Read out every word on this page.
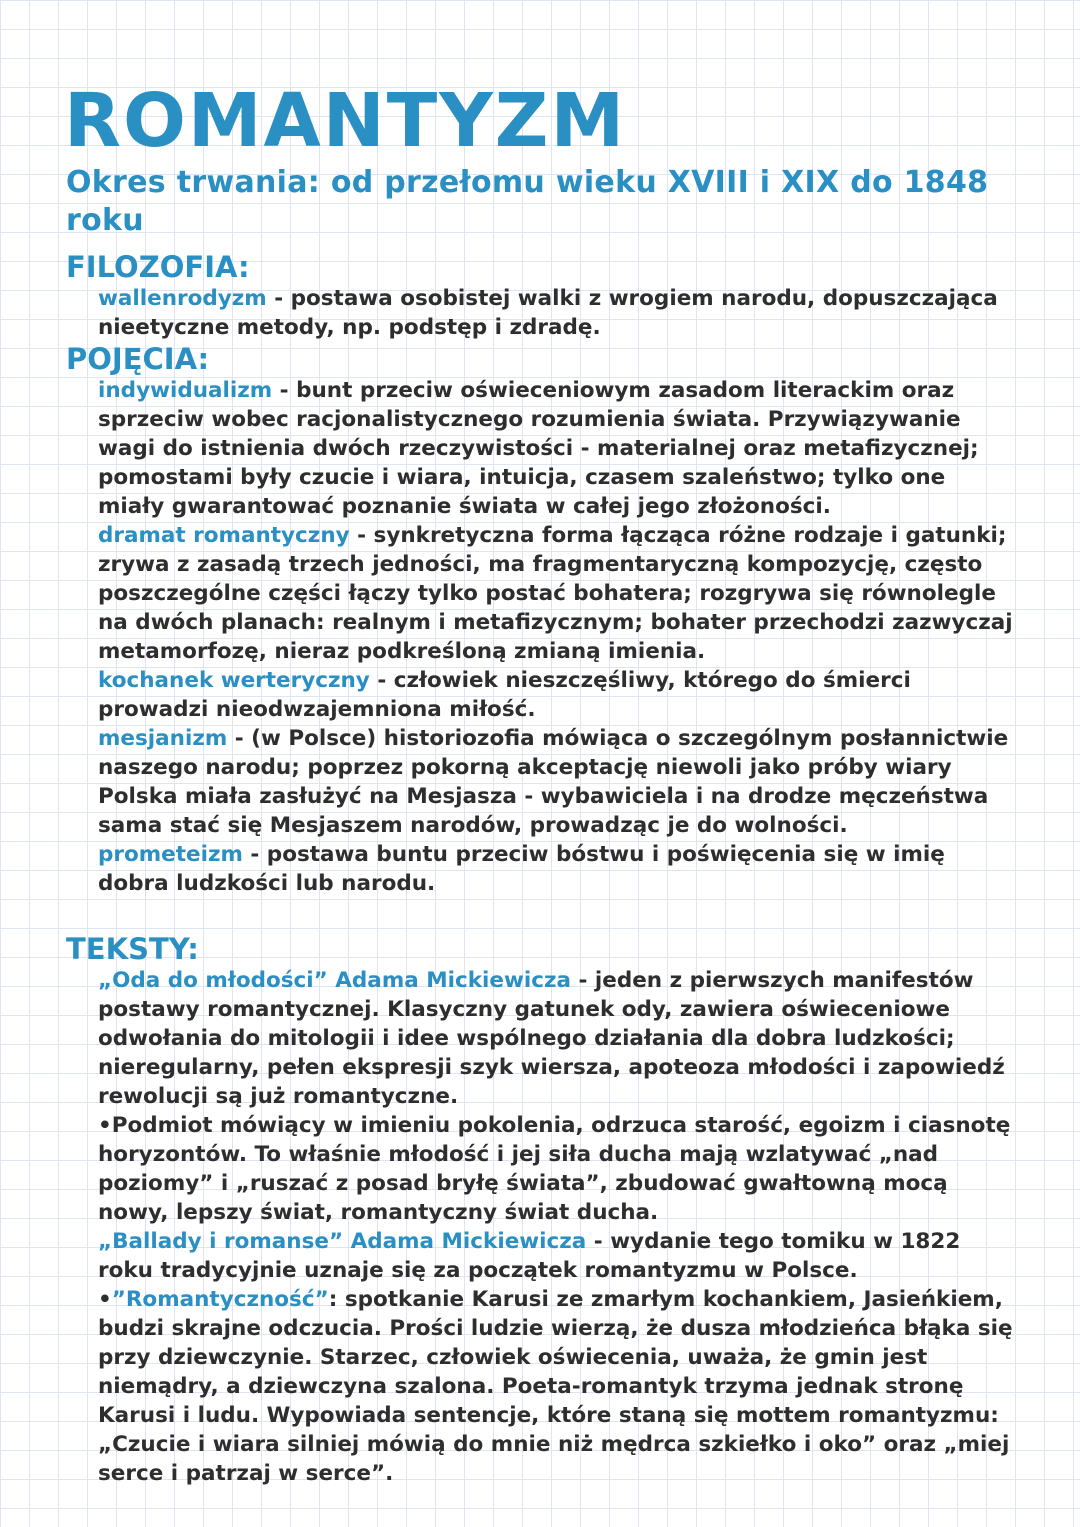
ROMANTYZM
Okres trwania: od przełomu wieku XVIII i XIX do 1848 roku
FILOZOFIA:

wallenrodyzm - postawa osobistej walki z wrogiem narodu, dopuszczająca nieetyczne metody, np. podstęp i zdradę.

POJĘCIA:

indywidualizm - bunt przeciw oświeceniowym zasadom literackim oraz sprzeciw wobec racjonalistycznego rozumienia świata. Przywiązywanie wagi do istnienia dwóch rzeczywistości - materialnej oraz metafizycznej; pomostami były czucie i wiara, intuicja, czasem szaleństwo; tylko one miały gwarantować poznanie świata w całej jego złożoności.

dramat romantyczny - synkretyczna forma łącząca różne rodzaje i gatunki; zrywa z zasadą trzech jedności, ma fragmentaryczną kompozycję, często poszczególne części łączy tylko postać bohatera; rozgrywa się równolegle na dwóch planach: realnym i metafizycznym; bohater przechodzi zazwyczaj metamorfozę, nieraz podkreśloną zmianą imienia.

kochanek werteryczny - człowiek nieszczęśliwy, którego do śmierci prowadzi nieodwzajemniona miłość.

mesjanizm - (w Polsce) historiozofia mówiąca o szczególnym posłannictwie naszego narodu; poprzez pokorną akceptację niewoli jako próby wiary Polska miała zasłużyć na Mesjasza - wybawiciela i na drodze męczeństwa sama stać się Mesjaszem narodów, prowadząc je do wolności.

prometeizm - postawa buntu przeciw bóstwu i poświęcenia się w imię dobra ludzkości lub narodu.

TEKSTY:

„Oda do młodości” Adama Mickiewicza - jeden z pierwszych manifestów postawy romantycznej. Klasyczny gatunek ody, zawiera oświeceniowe odwołania do mitologii i idee wspólnego działania dla dobra ludzkości; nieregularny, pełen ekspresji szyk wiersza, apoteoza młodości i zapowiedź rewolucji są już romantyczne.

•Podmiot mówiący w imieniu pokolenia, odrzuca starość, egoizm i ciasnotę horyzontów. To właśnie młodość i jej siła ducha mają wzlatywać „nad poziomy” i „ruszać z posad bryłę świata”, zbudować gwałtowną mocą nowy, lepszy świat, romantyczny świat ducha.

„Ballady i romanse” Adama Mickiewicza - wydanie tego tomiku w 1822 roku tradycyjnie uznaje się za początek romantyzmu w Polsce.

•”Romantyczność”: spotkanie Karusi ze zmarłym kochankiem, Jasieńkiem, budzi skrajne odczucia. Prości ludzie wierzą, że dusza młodzieńca błąka się przy dziewczynie. Starzec, człowiek oświecenia, uważa, że gmin jest niemądry, a dziewczyna szalona. Poeta-romantyk trzyma jednak stronę Karusi i ludu. Wypowiada sentencje, które staną się mottem romantyzmu: „Czucie i wiara silniej mówią do mnie niż mędrca szkiełko i oko” oraz „miej serce i patrzaj w serce”.
